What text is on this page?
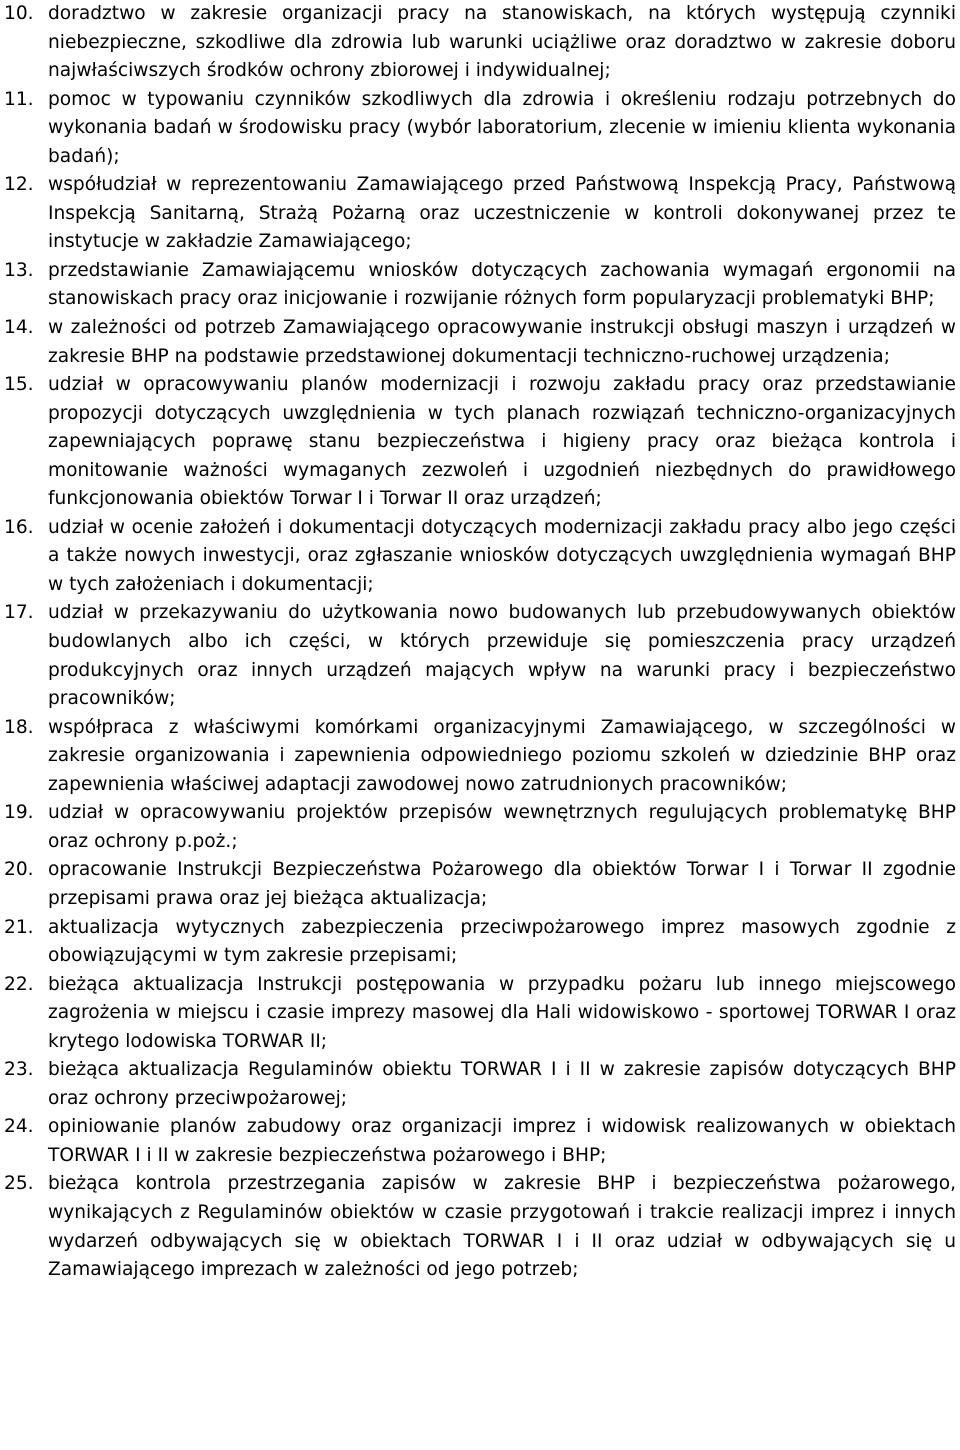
10. doradztwo w zakresie organizacji pracy na stanowiskach, na których występują czynniki niebezpieczne, szkodliwe dla zdrowia lub warunki uciążliwe oraz doradztwo w zakresie doboru najwłaściwszych środków ochrony zbiorowej i indywidualnej;
11. pomoc w typowaniu czynników szkodliwych dla zdrowia i określeniu rodzaju potrzebnych do wykonania badań w środowisku pracy (wybór laboratorium, zlecenie w imieniu klienta wykonania badań);
12. współudział w reprezentowaniu Zamawiającego przed Państwową Inspekcją Pracy, Państwową Inspekcją Sanitarną, Strażą Pożarną oraz uczestniczenie w kontroli dokonywanej przez te instytucje w zakładzie Zamawiającego;
13. przedstawianie Zamawiającemu wniosków dotyczących zachowania wymagań ergonomii na stanowiskach pracy oraz inicjowanie i rozwijanie różnych form popularyzacji problematyki BHP;
14. w zależności od potrzeb Zamawiającego opracowywanie instrukcji obsługi maszyn i urządzeń w zakresie BHP na podstawie przedstawionej dokumentacji techniczno-ruchowej urządzenia;
15. udział w opracowywaniu planów modernizacji i rozwoju zakładu pracy oraz przedstawianie propozycji dotyczących uwzględnienia w tych planach rozwiązań techniczno-organizacyjnych zapewniających poprawę stanu bezpieczeństwa i higieny pracy oraz bieżąca kontrola i monitowanie ważności wymaganych zezwoleń i uzgodnień niezbędnych do prawidłowego funkcjonowania obiektów Torwar I i Torwar II oraz urządzeń;
16. udział w ocenie założeń i dokumentacji dotyczących modernizacji zakładu pracy albo jego części a także nowych inwestycji, oraz zgłaszanie wniosków dotyczących uwzględnienia wymagań BHP w tych założeniach i dokumentacji;
17. udział w przekazywaniu do użytkowania nowo budowanych lub przebudowywanych obiektów budowlanych albo ich części, w których przewiduje się pomieszczenia pracy urządzeń produkcyjnych oraz innych urządzeń mających wpływ na warunki pracy i bezpieczeństwo pracowników;
18. współpraca z właściwymi komórkami organizacyjnymi Zamawiającego, w szczególności w zakresie organizowania i zapewnienia odpowiedniego poziomu szkoleń w dziedzinie BHP oraz zapewnienia właściwej adaptacji zawodowej nowo zatrudnionych pracowników;
19. udział w opracowywaniu projektów przepisów wewnętrznych regulujących problematykę BHP oraz ochrony p.poż.;
20. opracowanie Instrukcji Bezpieczeństwa Pożarowego dla obiektów Torwar I i Torwar II zgodnie przepisami prawa oraz jej bieżąca aktualizacja;
21. aktualizacja wytycznych zabezpieczenia przeciwpożarowego imprez masowych zgodnie z obowiązującymi w tym zakresie przepisami;
22. bieżąca aktualizacja Instrukcji postępowania w przypadku pożaru lub innego miejscowego zagrożenia w miejscu i czasie imprezy masowej dla Hali widowiskowo - sportowej TORWAR I oraz krytego lodowiska TORWAR II;
23. bieżąca aktualizacja Regulaminów obiektu TORWAR I i II w zakresie zapisów dotyczących BHP oraz ochrony przeciwpożarowej;
24. opiniowanie planów zabudowy oraz organizacji imprez i widowisk realizowanych w obiektach TORWAR I i II w zakresie bezpieczeństwa pożarowego i BHP;
25. bieżąca kontrola przestrzegania zapisów w zakresie BHP i bezpieczeństwa pożarowego, wynikających z Regulaminów obiektów w czasie przygotowań i trakcie realizacji imprez i innych wydarzeń odbywających się w obiektach TORWAR I i II oraz udział w odbywających się u Zamawiającego imprezach w zależności od jego potrzeb;
